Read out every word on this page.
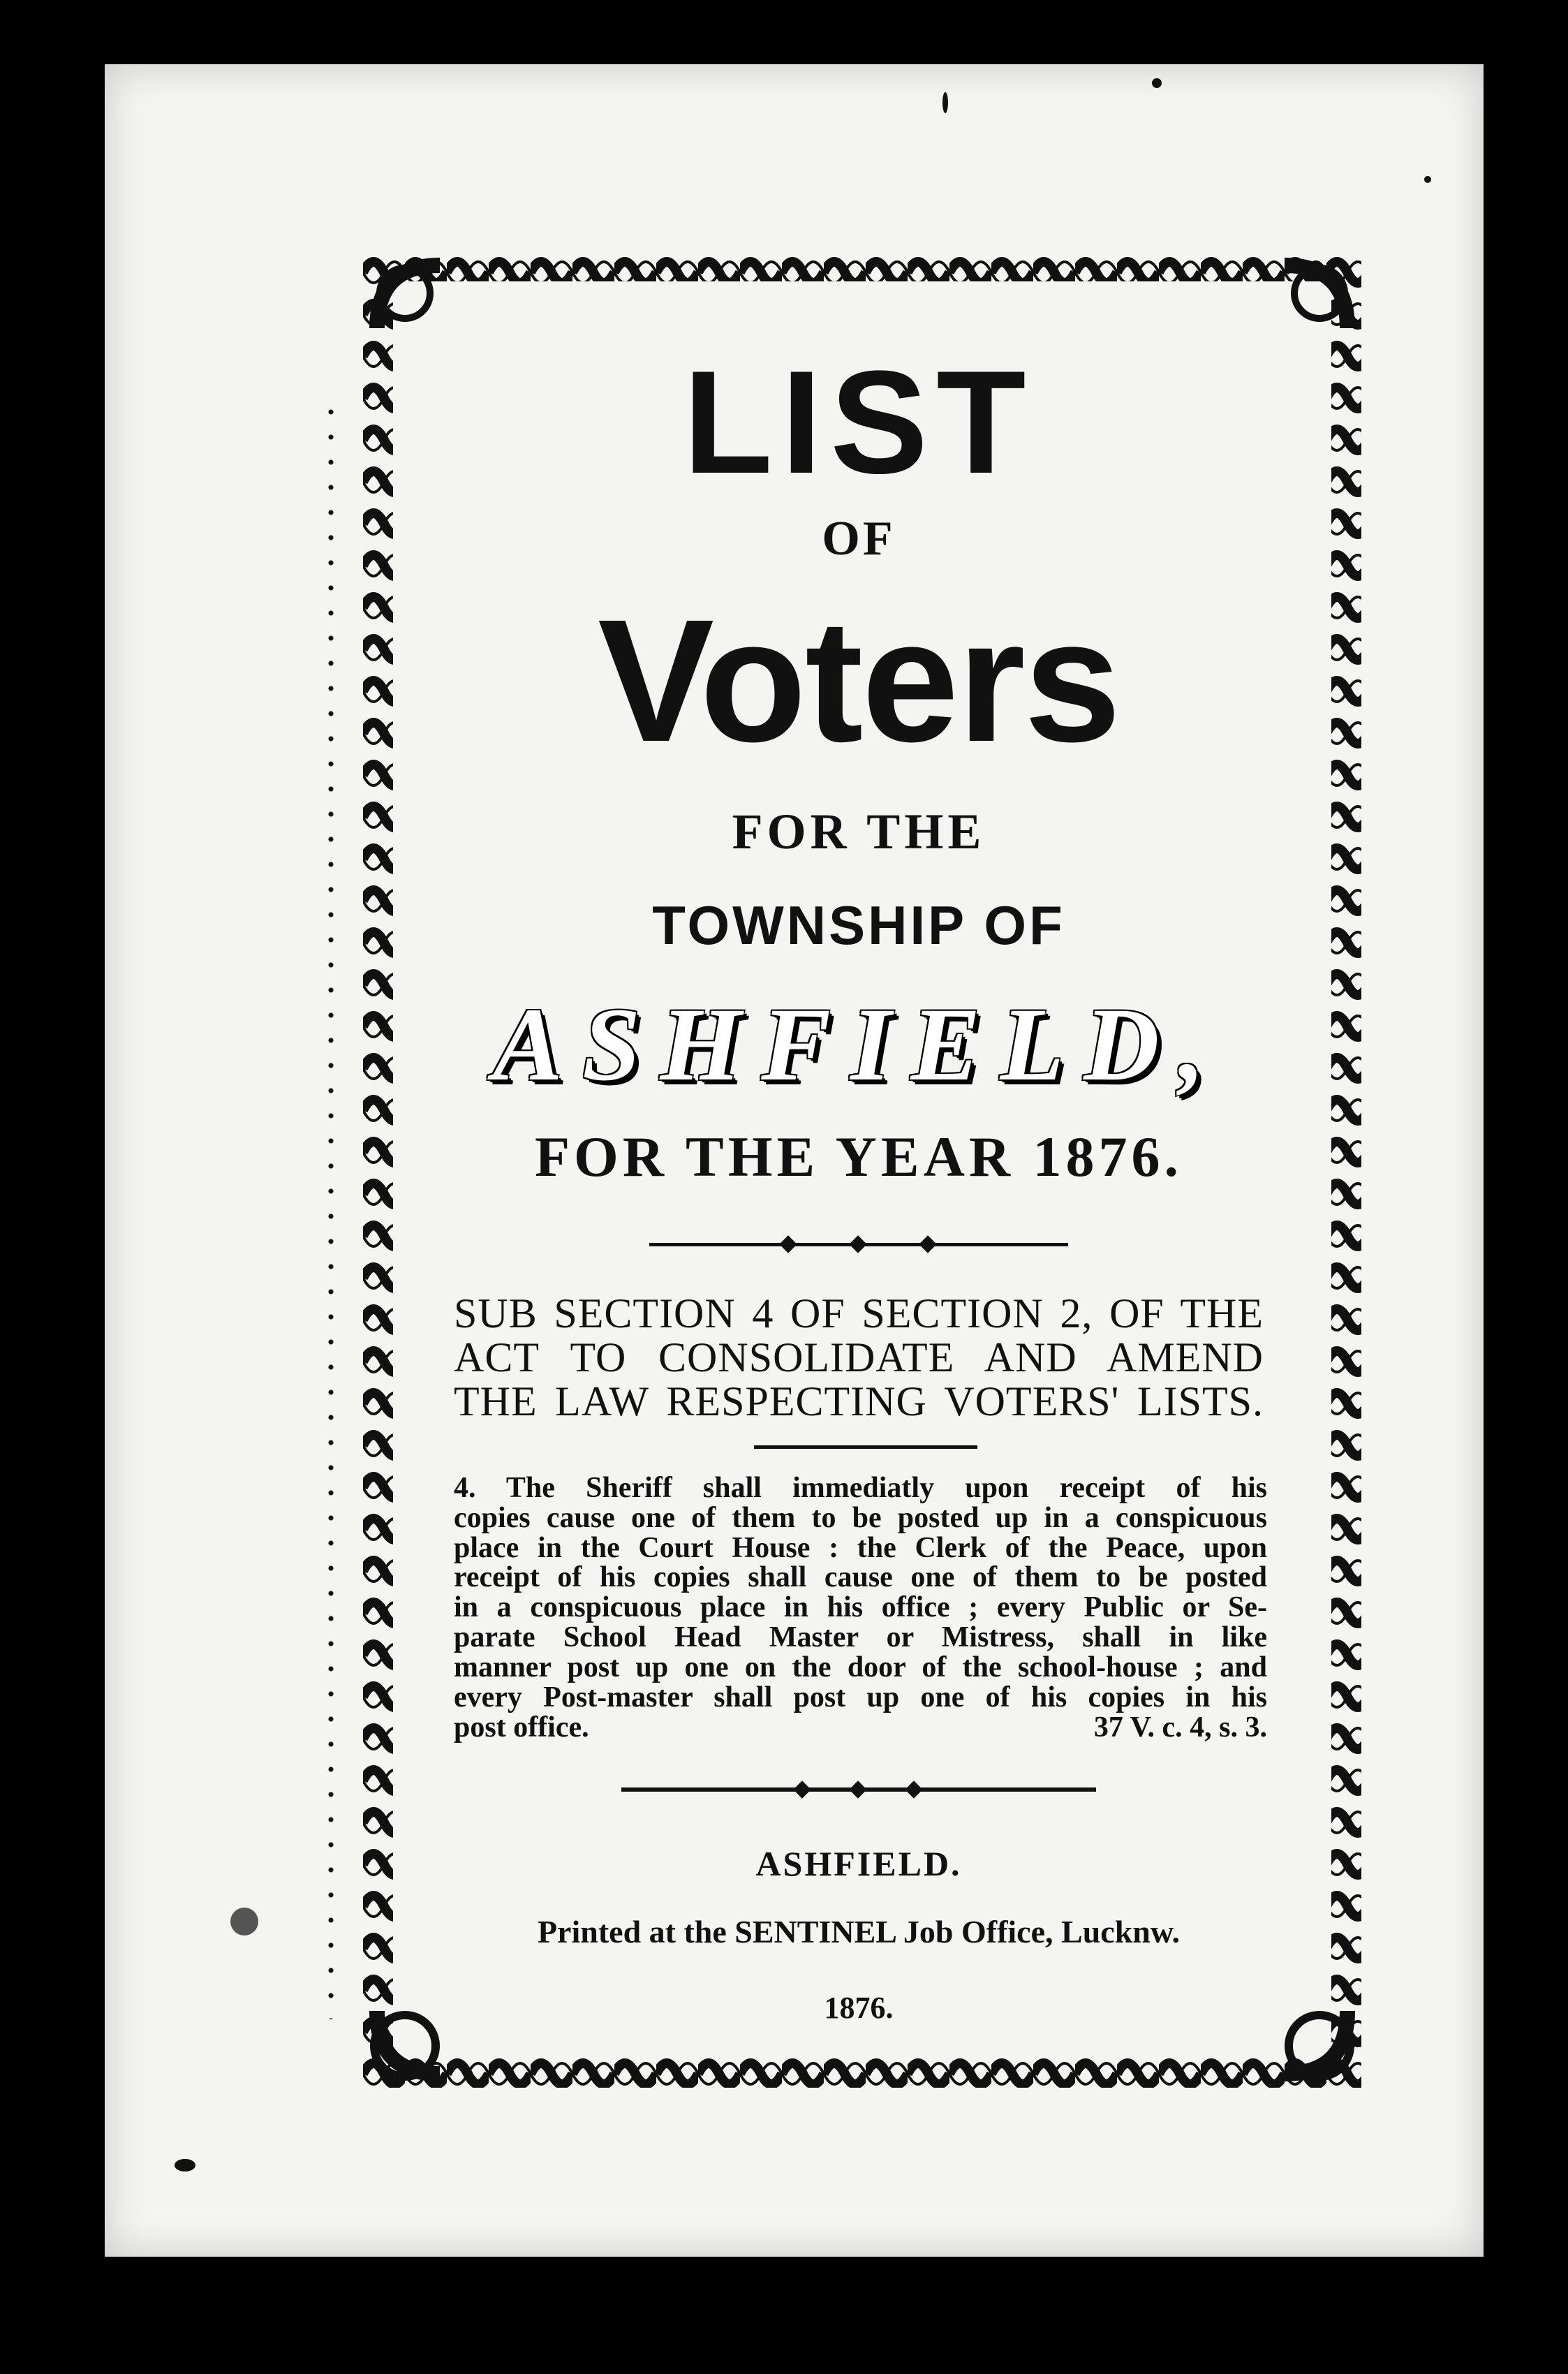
LIST
OF
Voters
FOR THE
TOWNSHIP OF
ASHFIELD,
FOR THE YEAR 1876.
SUB SECTION 4 OF SECTION 2, OF THE
ACT TO CONSOLIDATE AND AMEND
THE LAW RESPECTING VOTERS' LISTS.
4. The Sheriff shall immediatly upon receipt of his
copies cause one of them to be posted up in a conspicuous
place in the Court House : the Clerk of the Peace, upon
receipt of his copies shall cause one of them to be posted
in a conspicuous place in his office ; every Public or Se-
parate School Head Master or Mistress, shall in like
manner post up one on the door of the school-house ; and
every Post-master shall post up one of his copies in his
post office.	37 V. c. 4, s. 3.
ASHFIELD.
Printed at the SENTINEL Job Office, Lucknw.
1876.
